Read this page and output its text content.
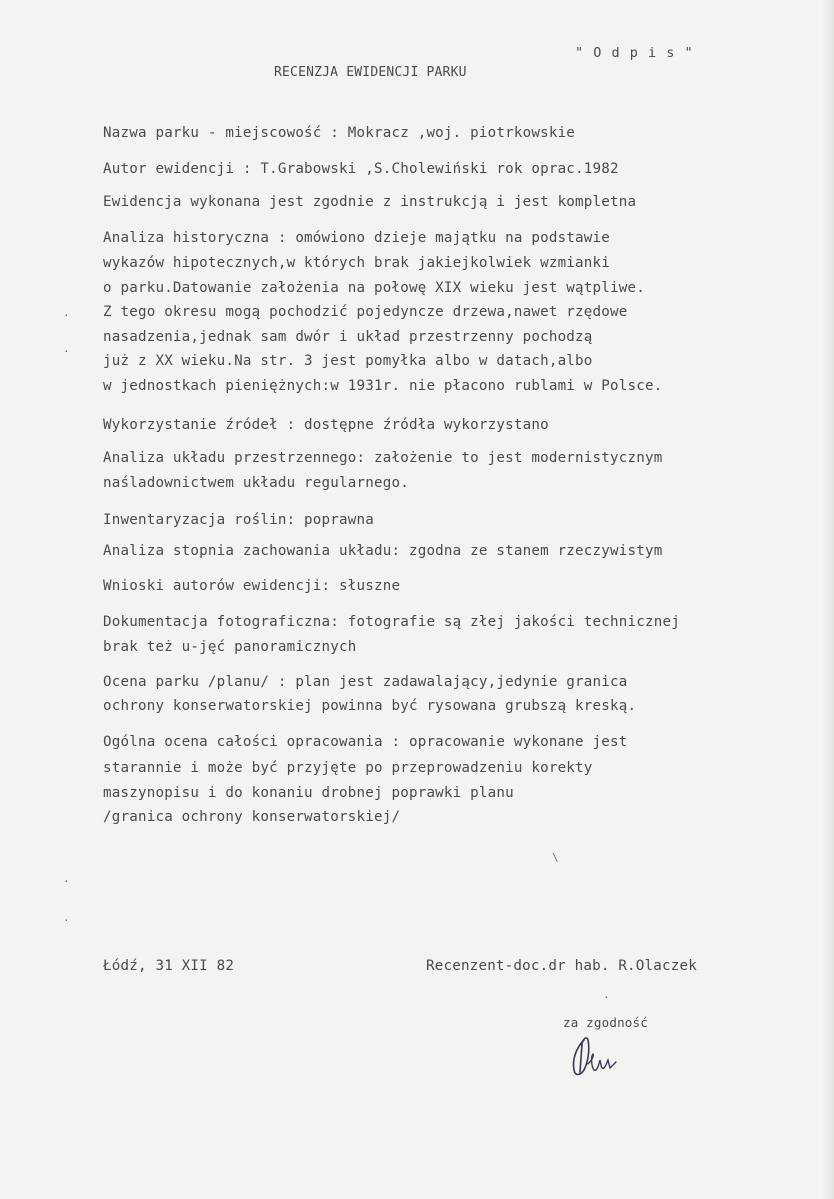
" O d p i s "
RECENZJA EWIDENCJI PARKU
Nazwa parku - miejscowość : Mokracz ,woj. piotrkowskie
Autor ewidencji : T.Grabowski ,S.Cholewiński rok oprac.1982
Ewidencja wykonana jest zgodnie z instrukcją i jest kompletna
Analiza historyczna : omówiono dzieje majątku na podstawie
wykazów hipotecznych,w których brak jakiejkolwiek wzmianki
o parku.Datowanie założenia na połowę XIX wieku jest wątpliwe.
Z tego okresu mogą pochodzić pojedyncze drzewa,nawet rzędowe
nasadzenia,jednak sam dwór i układ przestrzenny pochodzą
już z XX wieku.Na str. 3 jest pomyłka albo w datach,albo
w jednostkach pieniężnych:w 1931r. nie płacono rublami w Polsce.
Wykorzystanie źródeł : dostępne źródła wykorzystano
Analiza układu przestrzennego: założenie to jest modernistycznym
naśladownictwem układu regularnego.
Inwentaryzacja roślin: poprawna
Analiza stopnia zachowania układu: zgodna ze stanem rzeczywistym
Wnioski autorów ewidencji: słuszne
Dokumentacja fotograficzna: fotografie są złej jakości technicznej
brak też u-jęć panoramicznych
Ocena parku /planu/ : plan jest zadawalający,jedynie granica
ochrony konserwatorskiej powinna być rysowana grubszą kreską.
Ogólna ocena całości opracowania : opracowanie wykonane jest
starannie i może być przyjęte po przeprowadzeniu korekty
maszynopisu i do konaniu drobnej poprawki planu
/granica ochrony konserwatorskiej/
Łódź, 31 XII 82	Recenzent-doc.dr hab. R.Olaczek
za zgodność
·
·
·
·
\
·
